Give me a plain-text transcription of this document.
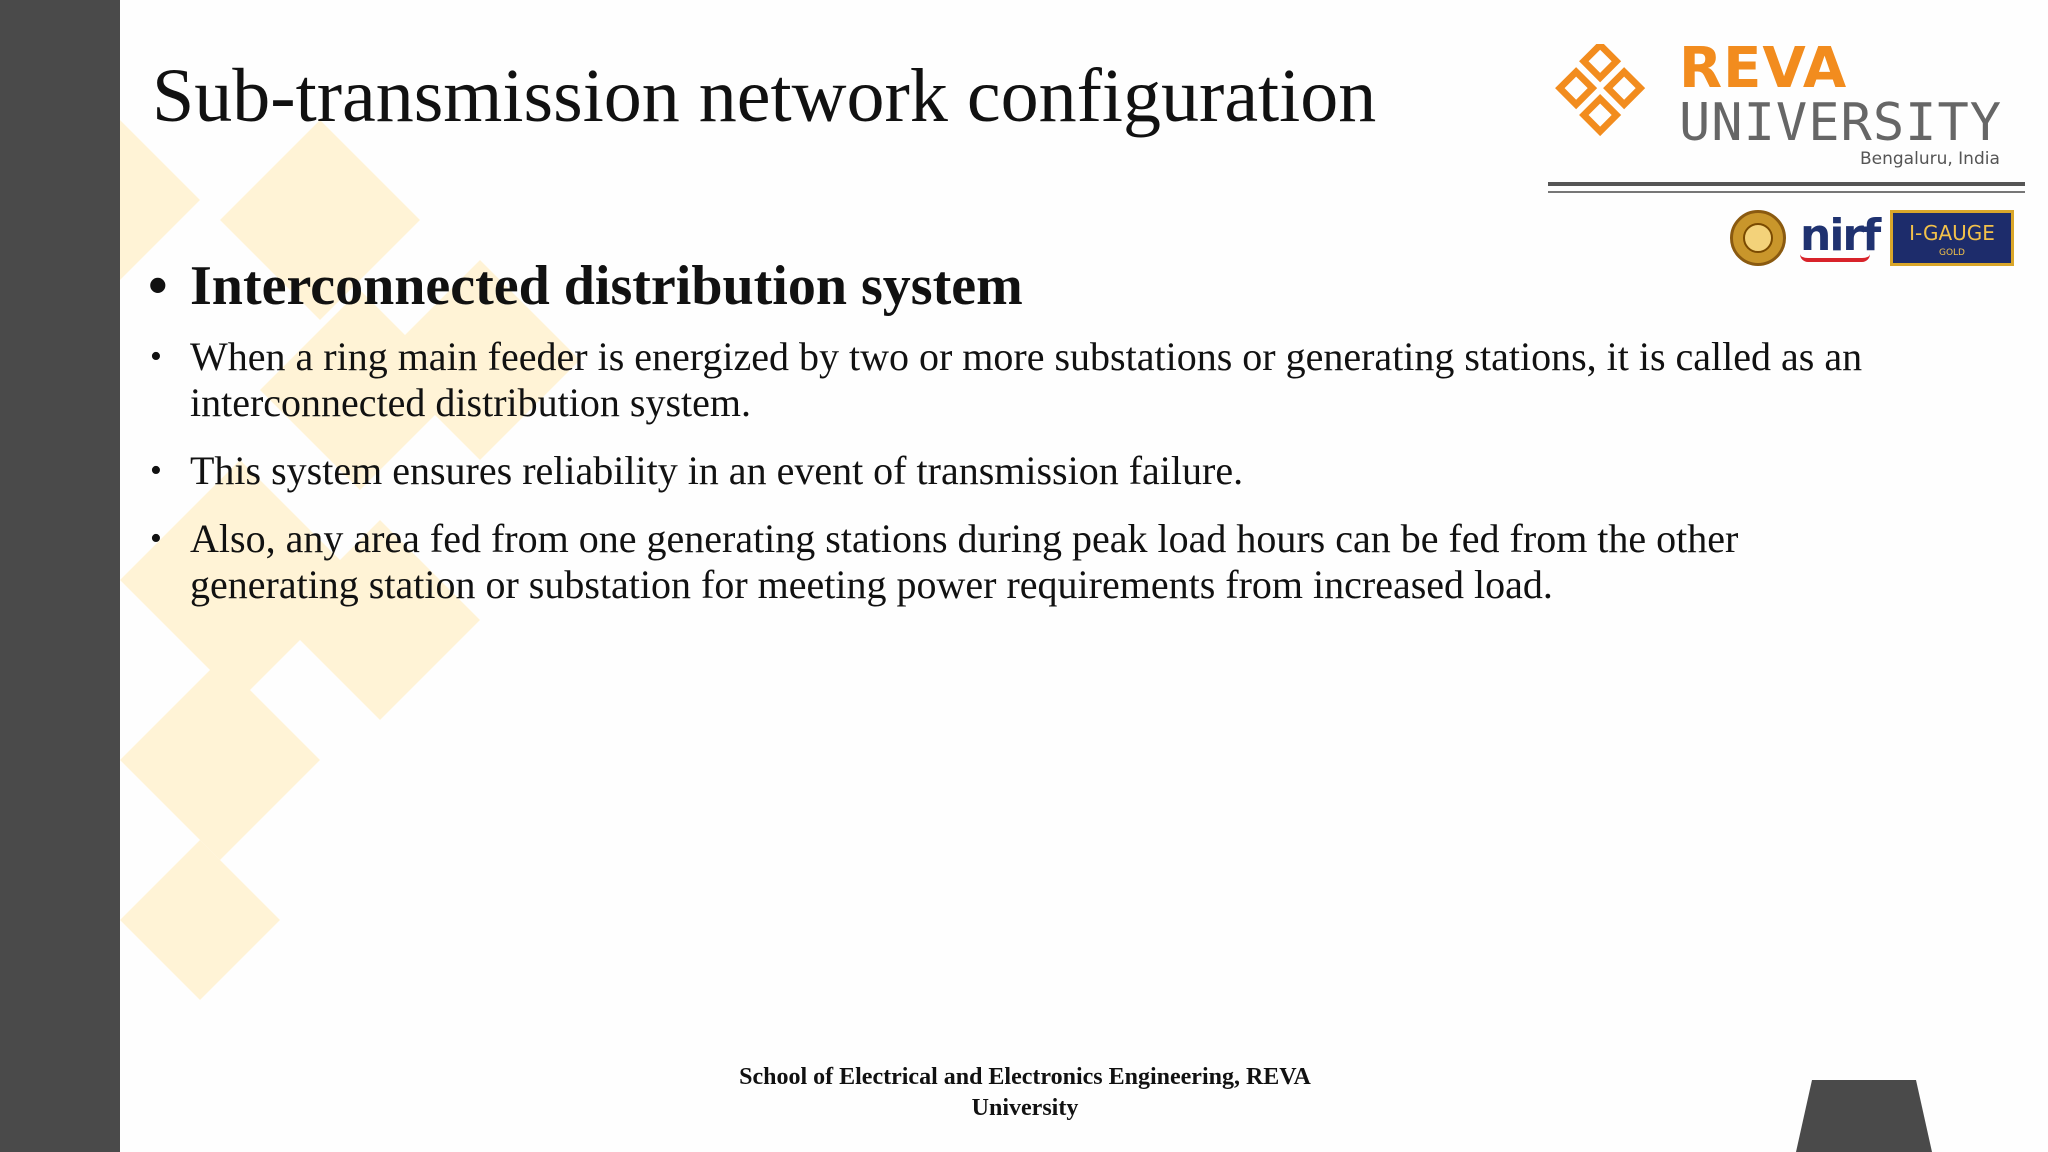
Sub-transmission network configuration	REVA
UNIVERSITY
Bengaluru, India
nirf	I-GAUGE
GOLD
• Interconnected distribution system
• When a ring main feeder is energized by two or more substations or generating stations, it is called as an interconnected distribution system.
• This system ensures reliability in an event of transmission failure.
• Also, any area fed from one generating stations during peak load hours can be fed from the other generating station or substation for meeting power requirements from increased load.
School of Electrical and Electronics Engineering, REVA University
